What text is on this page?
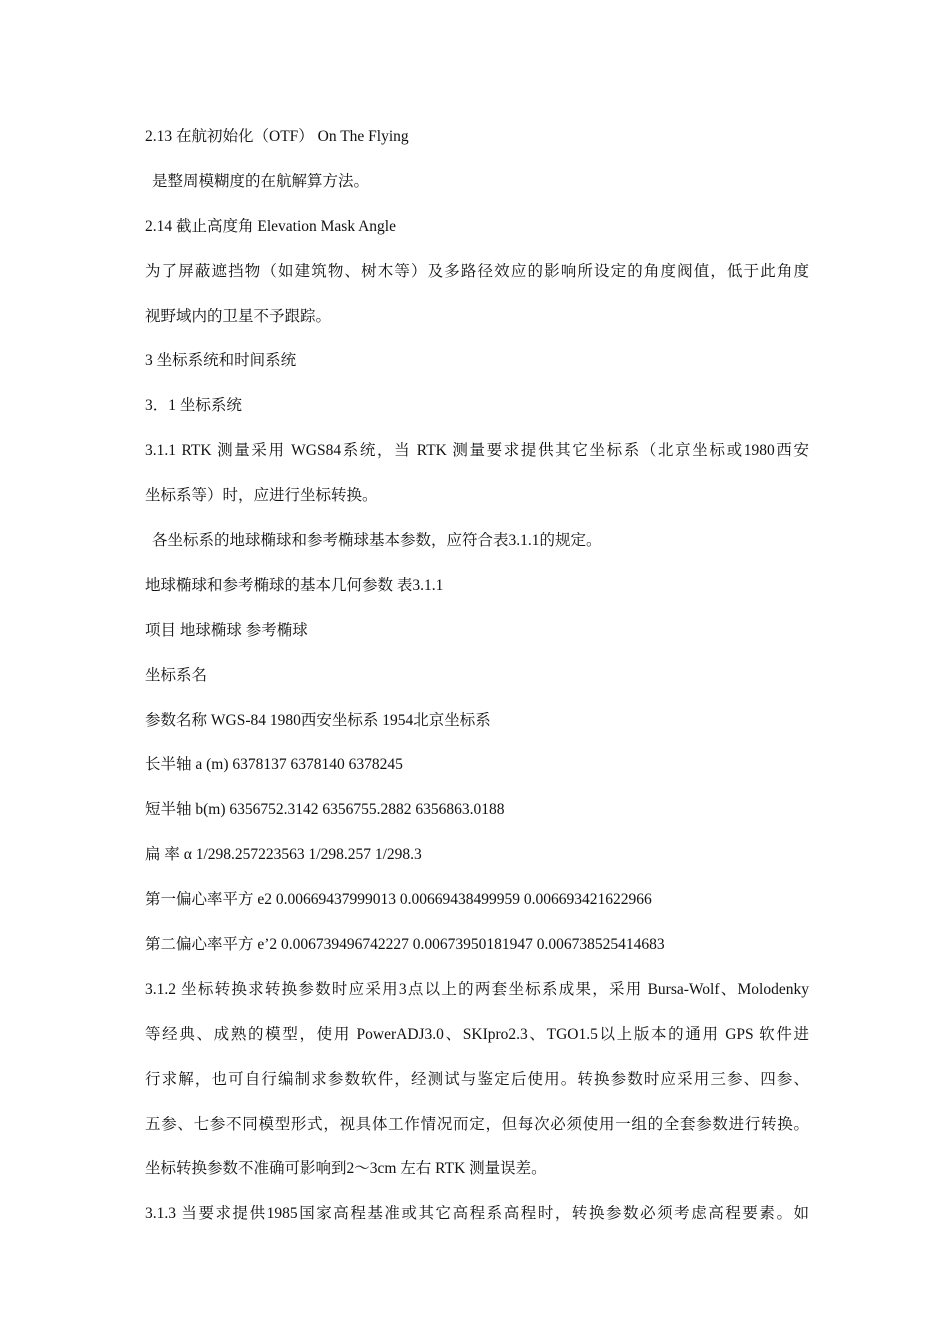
2.13 在航初始化（OTF） On The Flying
是整周模糊度的在航解算方法。
2.14 截止高度角 Elevation Mask Angle
为了屏蔽遮挡物（如建筑物、树木等）及多路径效应的影响所设定的角度阀值，低于此角度
视野域内的卫星不予跟踪。
3 坐标系统和时间系统
3．1 坐标系统
3.1.1 RTK 测量采用 WGS84系统，当 RTK 测量要求提供其它坐标系（北京坐标或1980西安
坐标系等）时，应进行坐标转换。
各坐标系的地球椭球和参考椭球基本参数，应符合表3.1.1的规定。
地球椭球和参考椭球的基本几何参数 表3.1.1
项目 地球椭球 参考椭球
坐标系名
参数名称 WGS-84 1980西安坐标系 1954北京坐标系
长半轴 a (m) 6378137 6378140 6378245
短半轴 b(m) 6356752.3142 6356755.2882 6356863.0188
扁 率 α 1/298.257223563 1/298.257 1/298.3
第一偏心率平方 e2 0.00669437999013 0.00669438499959 0.006693421622966
第二偏心率平方 e’2 0.006739496742227 0.00673950181947 0.006738525414683
3.1.2 坐标转换求转换参数时应采用3点以上的两套坐标系成果，采用 Bursa-Wolf、Molodenky
等经典、成熟的模型，使用 PowerADJ3.0、SKIpro2.3、TGO1.5以上版本的通用 GPS 软件进
行求解，也可自行编制求参数软件，经测试与鉴定后使用。转换参数时应采用三参、四参、
五参、七参不同模型形式，视具体工作情况而定，但每次必须使用一组的全套参数进行转换。
坐标转换参数不准确可影响到2～3cm 左右 RTK 测量误差。
3.1.3 当要求提供1985国家高程基准或其它高程系高程时，转换参数必须考虑高程要素。如
